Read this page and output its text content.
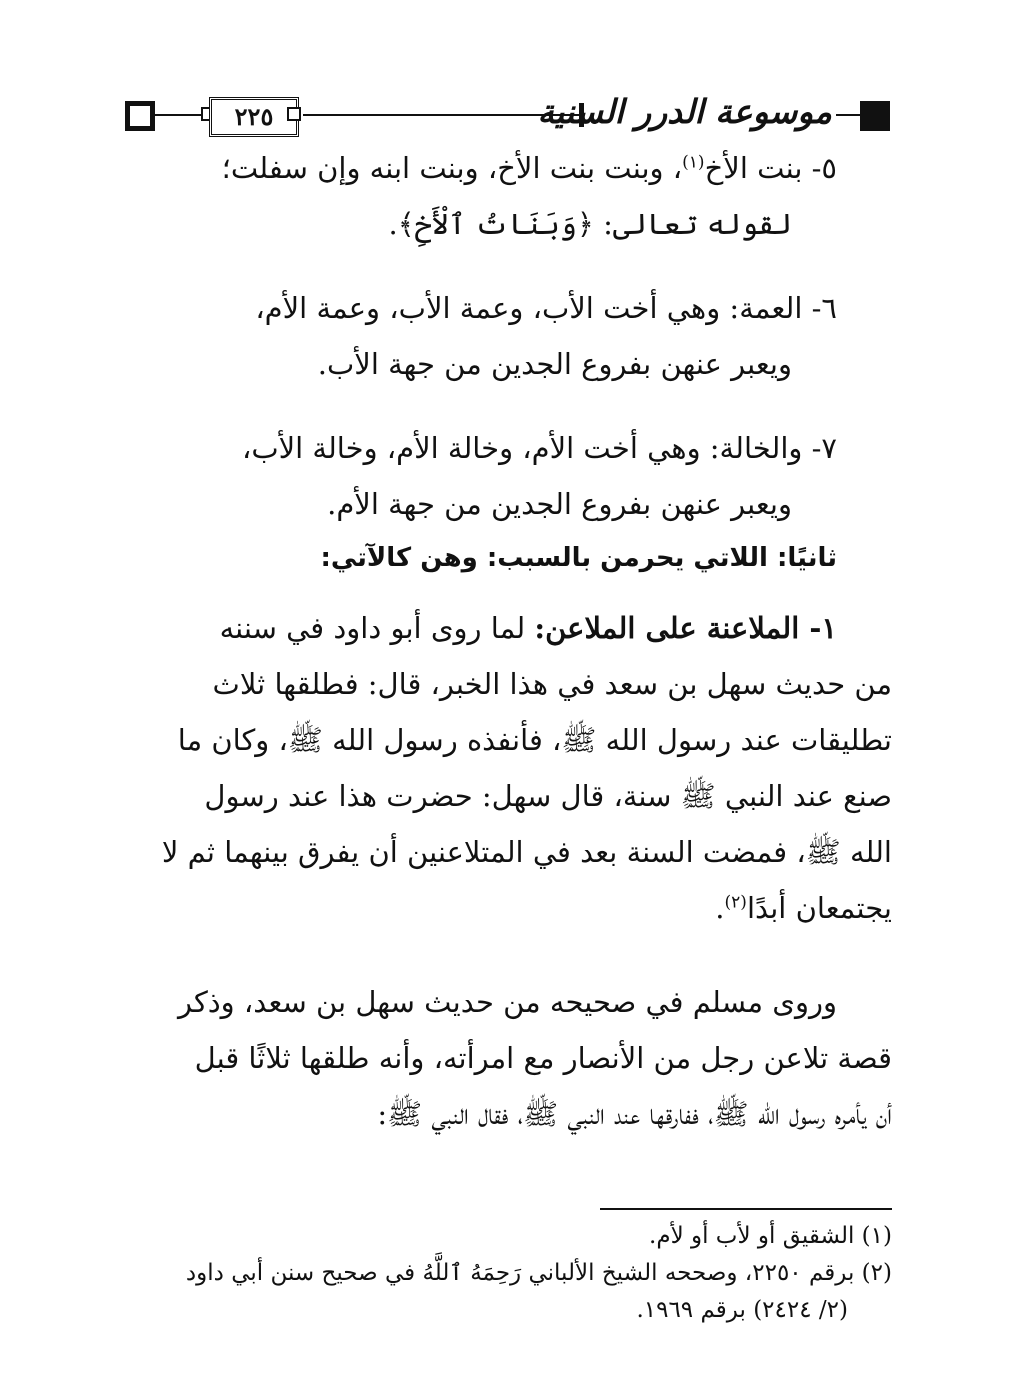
٢٢٥	موسوعة الدرر السنية

٥- بنت الأخ$^{(١)}$، وبنت بنت الأخ، وبنت ابنه وإن سفلت؛

لقوله تعالى: ﴿وَبَنَاتُ ٱلْأَخِ﴾.

٦- العمة: وهي أخت الأب، وعمة الأب، وعمة الأم،

ويعبر عنهن بفروع الجدين من جهة الأب.

٧- والخالة: وهي أخت الأم، وخالة الأم، وخالة الأب،

ويعبر عنهن بفروع الجدين من جهة الأم.

ثانيًا: اللاتي يحرمن بالسبب: وهن كالآتي:

١- الملاعنة على الملاعن: لما روى أبو داود في سننه

من حديث سهل بن سعد في هذا الخبر، قال: فطلقها ثلاث

تطليقات عند رسول الله ﷺ، فأنفذه رسول الله ﷺ، وكان ما

صنع عند النبي ﷺ سنة، قال سهل: حضرت هذا عند رسول

الله ﷺ، فمضت السنة بعد في المتلاعنين أن يفرق بينهما ثم لا

يجتمعان أبدًا$^{(٢)}$.

وروى مسلم في صحيحه من حديث سهل بن سعد، وذكر

قصة تلاعن رجل من الأنصار مع امرأته، وأنه طلقها ثلاثًا قبل

أن يأمره رسول الله ﷺ، ففارقها عند النبي ﷺ، فقال النبي ﷺ:

(١) الشقيق أو لأب أو لأم.

(٢) برقم ٢٢٥٠، وصححه الشيخ الألباني رَحِمَهُ ٱللَّهُ في صحيح سنن أبي داود

(٢/ ٢٤٢٤) برقم ١٩٦٩.
